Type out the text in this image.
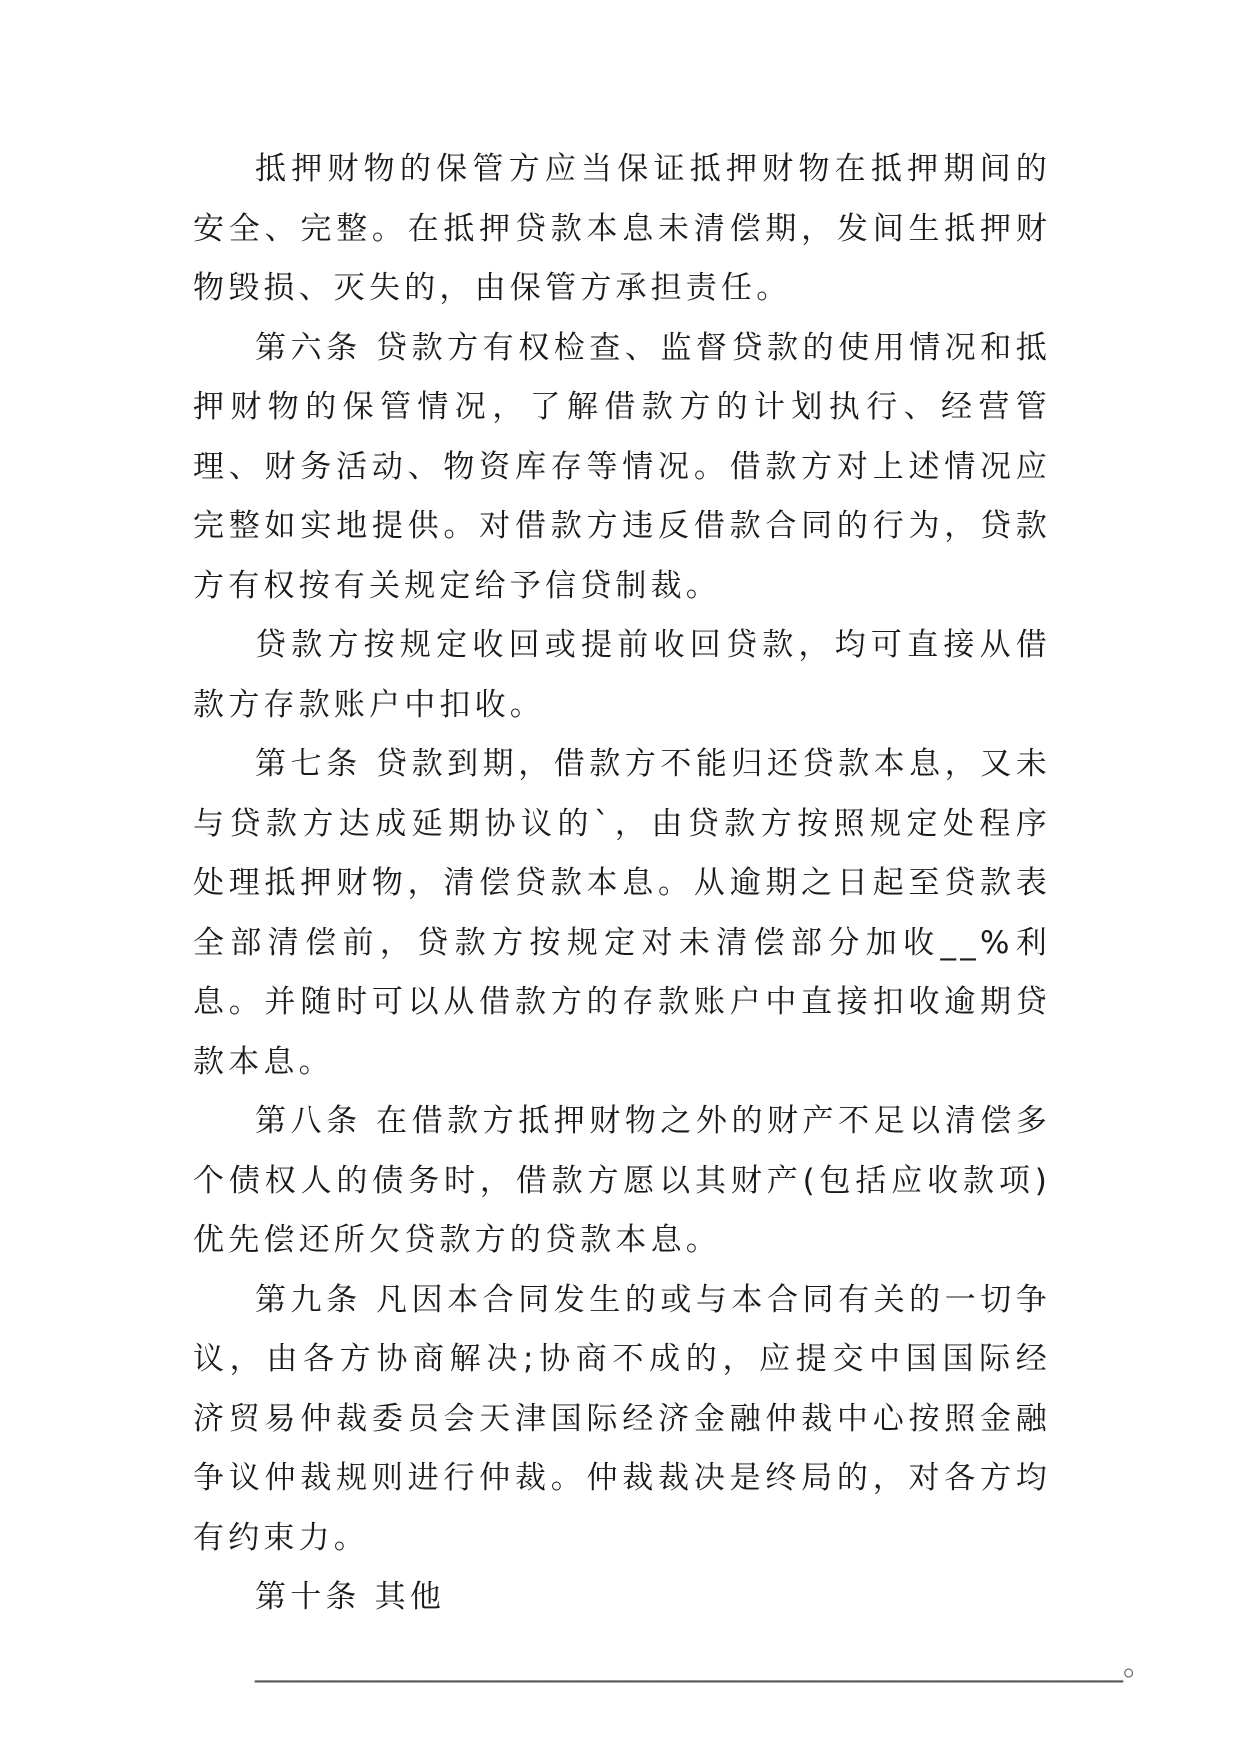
抵押财物的保管方应当保证抵押财物在抵押期间的安全、完整。在抵押贷款本息未清偿期，发间生抵押财物毁损、灭失的，由保管方承担责任。

第六条 贷款方有权检查、监督贷款的使用情况和抵押财物的保管情况，了解借款方的计划执行、经营管理、财务活动、物资库存等情况。借款方对上述情况应完整如实地提供。对借款方违反借款合同的行为，贷款方有权按有关规定给予信贷制裁。

贷款方按规定收回或提前收回贷款，均可直接从借款方存款账户中扣收。

第七条 贷款到期，借款方不能归还贷款本息，又未与贷款方达成延期协议的`，由贷款方按照规定处程序处理抵押财物，清偿贷款本息。从逾期之日起至贷款表全部清偿前，贷款方按规定对未清偿部分加收__%利息。并随时可以从借款方的存款账户中直接扣收逾期贷款本息。

第八条 在借款方抵押财物之外的财产不足以清偿多个债权人的债务时，借款方愿以其财产(包括应收款项)优先偿还所欠贷款方的贷款本息。

第九条 凡因本合同发生的或与本合同有关的一切争议，由各方协商解决;协商不成的，应提交中国国际经济贸易仲裁委员会天津国际经济金融仲裁中心按照金融争议仲裁规则进行仲裁。仲裁裁决是终局的，对各方均有约束力。

第十条 其他

________________________________________________________。
